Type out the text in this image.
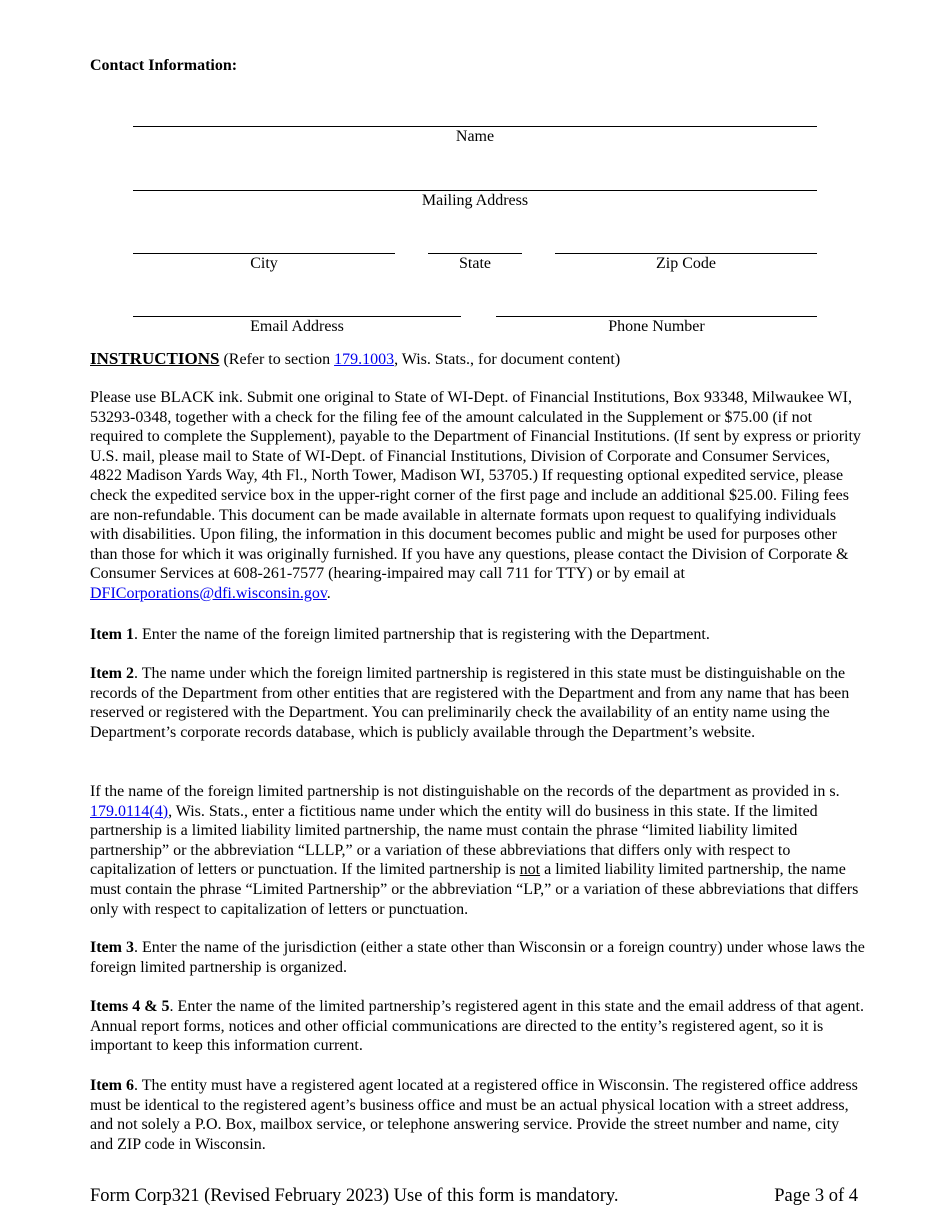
Contact Information:
Name
Mailing Address
City	State	Zip Code
Email Address	Phone Number
INSTRUCTIONS (Refer to section 179.1003, Wis. Stats., for document content)

Please use BLACK ink. Submit one original to State of WI-Dept. of Financial Institutions, Box 93348, Milwaukee WI, 53293-0348, together with a check for the filing fee of the amount calculated in the Supplement or $75.00 (if not required to complete the Supplement), payable to the Department of Financial Institutions. (If sent by express or priority U.S. mail, please mail to State of WI-Dept. of Financial Institutions, Division of Corporate and Consumer Services, 4822 Madison Yards Way, 4th Fl., North Tower, Madison WI, 53705.) If requesting optional expedited service, please check the expedited service box in the upper-right corner of the first page and include an additional $25.00. Filing fees are non-refundable. This document can be made available in alternate formats upon request to qualifying individuals with disabilities. Upon filing, the information in this document becomes public and might be used for purposes other than those for which it was originally furnished. If you have any questions, please contact the Division of Corporate & Consumer Services at 608-261-7577 (hearing-impaired may call 711 for TTY) or by email at DFICorporations@dfi.wisconsin.gov.

Item 1. Enter the name of the foreign limited partnership that is registering with the Department.

Item 2. The name under which the foreign limited partnership is registered in this state must be distinguishable on the records of the Department from other entities that are registered with the Department and from any name that has been reserved or registered with the Department. You can preliminarily check the availability of an entity name using the Department’s corporate records database, which is publicly available through the Department’s website.

If the name of the foreign limited partnership is not distinguishable on the records of the department as provided in s. 179.0114(4), Wis. Stats., enter a fictitious name under which the entity will do business in this state. If the limited partnership is a limited liability limited partnership, the name must contain the phrase “limited liability limited partnership” or the abbreviation “LLLP,” or a variation of these abbreviations that differs only with respect to capitalization of letters or punctuation. If the limited partnership is not a limited liability limited partnership, the name must contain the phrase “Limited Partnership” or the abbreviation “LP,” or a variation of these abbreviations that differs only with respect to capitalization of letters or punctuation.

Item 3. Enter the name of the jurisdiction (either a state other than Wisconsin or a foreign country) under whose laws the foreign limited partnership is organized.

Items 4 & 5. Enter the name of the limited partnership’s registered agent in this state and the email address of that agent. Annual report forms, notices and other official communications are directed to the entity’s registered agent, so it is important to keep this information current.

Item 6. The entity must have a registered agent located at a registered office in Wisconsin. The registered office address must be identical to the registered agent’s business office and must be an actual physical location with a street address, and not solely a P.O. Box, mailbox service, or telephone answering service. Provide the street number and name, city and ZIP code in Wisconsin.

Form Corp321 (Revised February 2023) Use of this form is mandatory.	Page 3 of 4
